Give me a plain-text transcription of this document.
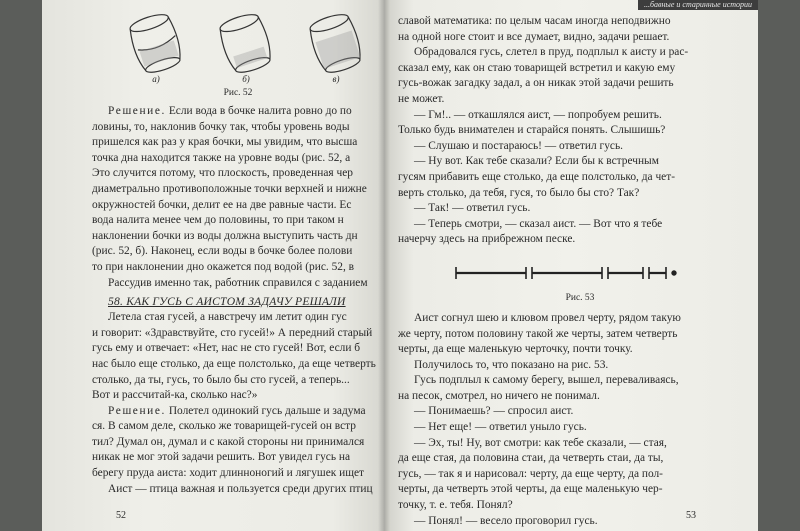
а)	б)	в)
Рис. 52
Решение. Если вода в бочке налита ровно до по
ловины, то, наклонив бочку так, чтобы уровень воды
пришелся как раз у края бочки, мы увидим, что высша
точка дна находится также на уровне воды (рис. 52, а
Это случится потому, что плоскость, проведенная чер
диаметрально противоположные точки верхней и нижне
окружностей бочки, делит ее на две равные части. Ес
вода налита менее чем до половины, то при таком н
наклонении бочки из воды должна выступить часть дн
(рис. 52, б). Наконец, если воды в бочке более полови
то при наклонении дно окажется под водой (рис. 52, в
Рассудив именно так, работник справился с заданием
58. КАК ГУСЬ С АИСТОМ ЗАДАЧУ РЕШАЛИ
Летела стая гусей, а навстречу им летит один гус
и говорит: «Здравствуйте, сто гусей!» А передний старый
гусь ему и отвечает: «Нет, нас не сто гусей! Вот, если б
нас было еще столько, да еще полстолько, да еще четверть
столько, да ты, гусь, то было бы сто гусей, а теперь...
Вот и рассчитай-ка, сколько нас?»
Решение. Полетел одинокий гусь дальше и задума
ся. В самом деле, сколько же товарищей-гусей он встр
тил? Думал он, думал и с какой стороны ни принимался
никак не мог этой задачи решить. Вот увидел гусь на
берегу пруда аиста: ходит длинноногий и лягушек ищет
Аист — птица важная и пользуется среди других птиц
52
...бавные и старинные истории
славой математика: по целым часам иногда неподвижно
на одной ноге стоит и все думает, видно, задачи решает.
Обрадовался гусь, слетел в пруд, подплыл к аисту и рас-
сказал ему, как он стаю товарищей встретил и какую ему
гусь-вожак загадку задал, а он никак этой задачи решить
не может.
— Гм!.. — откашлялся аист, — попробуем решить.
Только будь внимателен и старайся понять. Слышишь?
— Слушаю и постараюсь! — ответил гусь.
— Ну вот. Как тебе сказали? Если бы к встречным
гусям прибавить еще столько, да еще полстолько, да чет-
верть столько, да тебя, гуся, то было бы сто? Так?
— Так! — ответил гусь.
— Теперь смотри, — сказал аист. — Вот что я тебе
начерчу здесь на прибрежном песке.
Рис. 53
Аист согнул шею и клювом провел черту, рядом такую
же черту, потом половину такой же черты, затем четверть
черты, да еще маленькую черточку, почти точку.
Получилось то, что показано на рис. 53.
Гусь подплыл к самому берегу, вышел, переваливаясь,
на песок, смотрел, но ничего не понимал.
— Понимаешь? — спросил аист.
— Нет еще! — ответил уныло гусь.
— Эх, ты! Ну, вот смотри: как тебе сказали, — стая,
да еще стая, да половина стаи, да четверть стаи, да ты,
гусь, — так я и нарисовал: черту, да еще черту, да пол-
черты, да четверть этой черты, да еще маленькую чер-
точку, т. е. тебя. Понял?
— Понял! — весело проговорил гусь.	53
